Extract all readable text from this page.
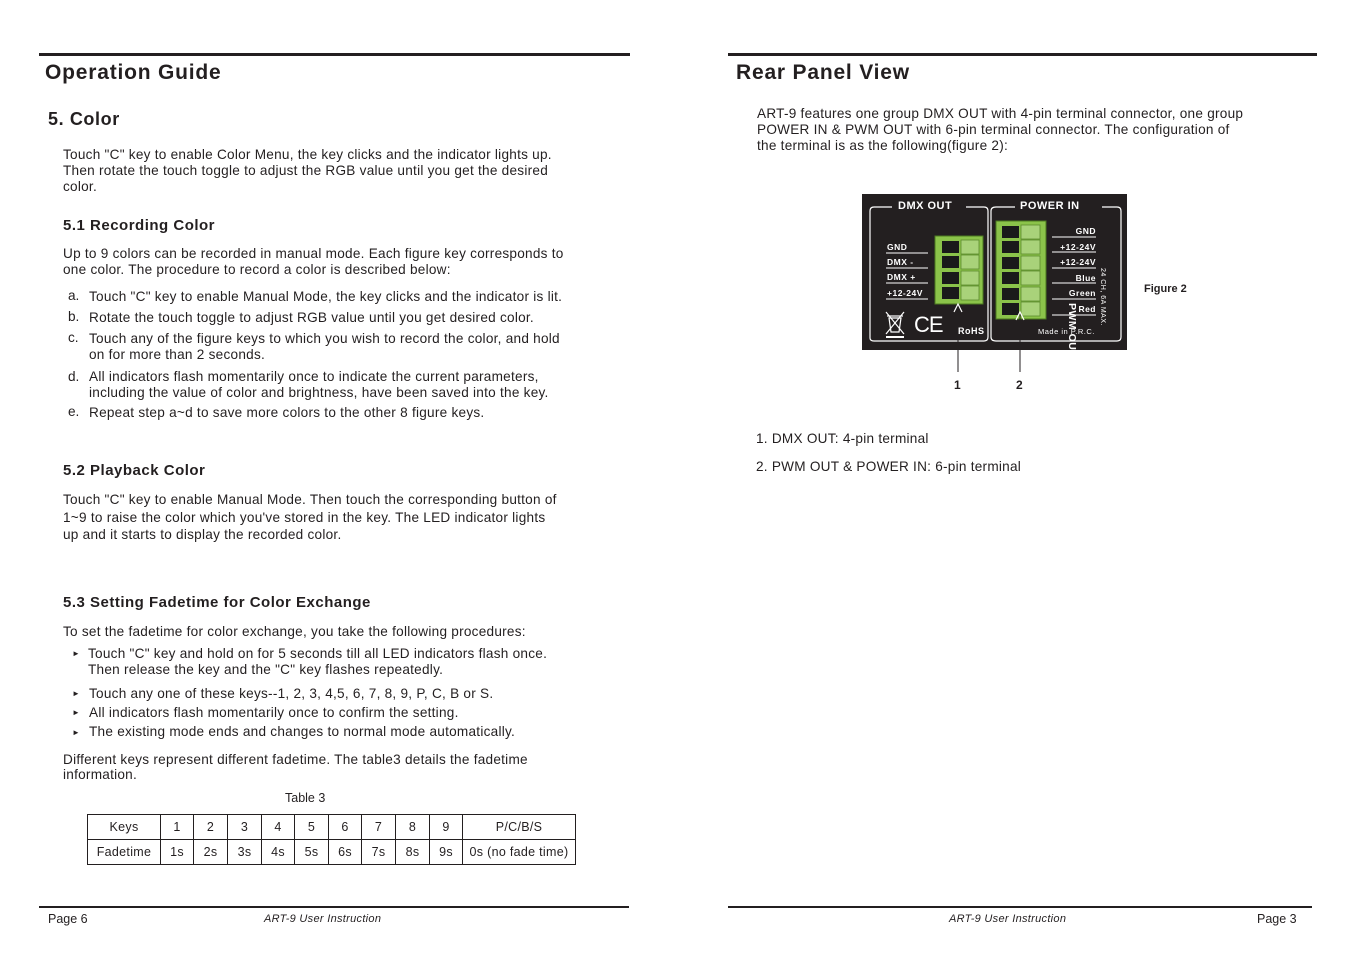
Operation Guide
5. Color
Touch "C" key to enable Color Menu, the key clicks and the indicator lights up.
Then rotate the touch toggle to adjust the RGB value until you get the desired
color.
5.1 Recording Color
Up to 9 colors can be recorded in manual mode. Each figure key corresponds to
one color. The procedure to record a color is described below:
a. Touch "C" key to enable Manual Mode, the key clicks and the indicator is lit.
b. Rotate the touch toggle to adjust RGB value until you get desired color.
c. Touch any of the figure keys to which you wish to record the color, and hold
on for more than 2 seconds.
d. All indicators flash momentarily once to indicate the current parameters,
including the value of color and brightness, have been saved into the key.
e. Repeat step a~d to save more colors to the other 8 figure keys.
5.2 Playback Color
Touch "C" key to enable Manual Mode. Then touch the corresponding button of
1~9 to raise the color which you've stored in the key. The LED indicator lights
up and it starts to display the recorded color.
5.3 Setting Fadetime for Color Exchange
To set the fadetime for color exchange, you take the following procedures:
► Touch "C" key and hold on for 5 seconds till all LED indicators flash once.
Then release the key and the "C" key flashes repeatedly.
► Touch any one of these keys--1, 2, 3, 4,5, 6, 7, 8, 9, P, C, B or S.
► All indicators flash momentarily once to confirm the setting.
► The existing mode ends and changes to normal mode automatically.
Different keys represent different fadetime. The table3 details the fadetime
information.
Table 3
Keys	1	2	3	4	5	6	7	8	9	P/C/B/S
Fadetime	1s	2s	3s	4s	5s	6s	7s	8s	9s	0s (no fade time)
Page 6	ART-9 User Instruction
Rear Panel View
ART-9 features one group DMX OUT with 4-pin terminal connector, one group
POWER IN & PWM OUT with 6-pin terminal connector. The configuration of
the terminal is as the following(figure 2):
DMX OUT	POWER IN
GND
DMX -
DMX +
+12-24V
GND
+12-24V
+12-24V
Blue
Green
Red
PWM OUT
24 CH, 6A MAX.
CE RoHS	Made in P.R.C.
Figure 2
1	2
1. DMX OUT: 4-pin terminal
2. PWM OUT & POWER IN: 6-pin terminal
ART-9 User Instruction	Page 3
